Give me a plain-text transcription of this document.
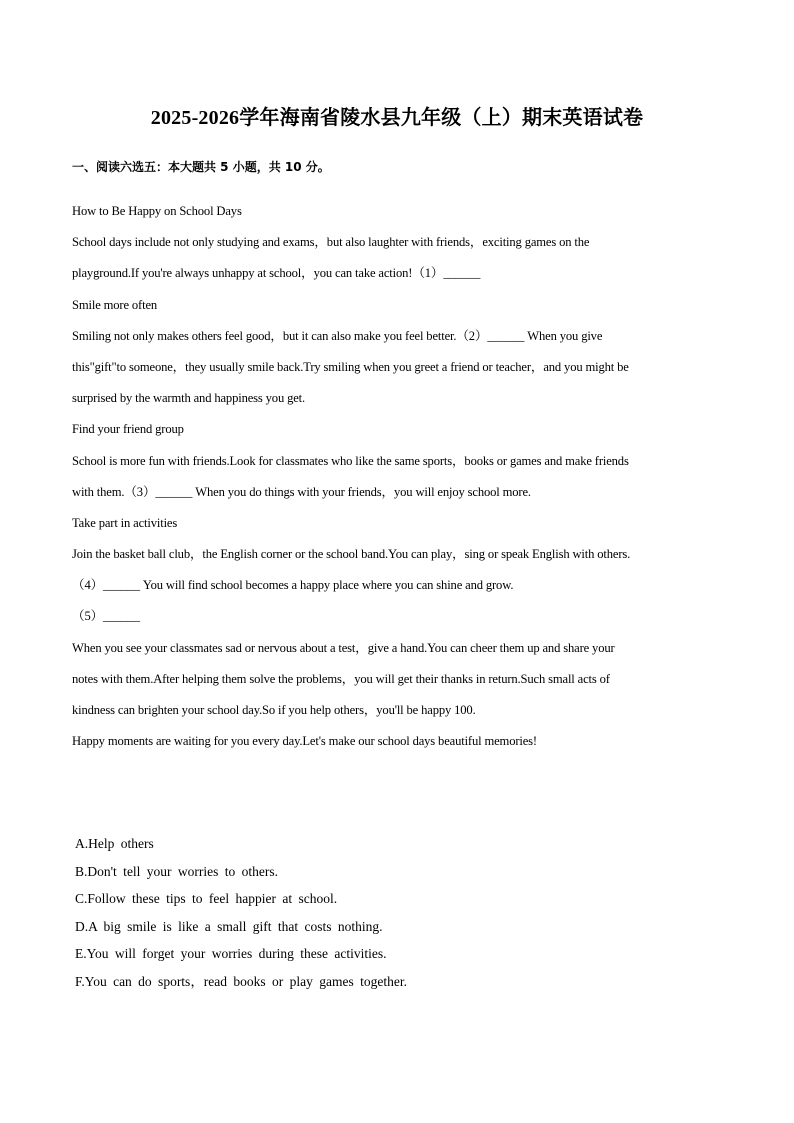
2025-2026学年海南省陵水县九年级（上）期末英语试卷
一、阅读六选五：本大题共 5 小题，共 10 分。
How to Be Happy on School Days
School days include not only studying and exams，but also laughter with friends，exciting games on the
playground.If you're always unhappy at school，you can take action!（1）______
Smile more often
Smiling not only makes others feel good，but it can also make you feel better.（2）______ When you give
this"gift"to someone，they usually smile back.Try smiling when you greet a friend or teacher，and you might be
surprised by the warmth and happiness you get.
Find your friend group
School is more fun with friends.Look for classmates who like the same sports，books or games and make friends
with them.（3）______ When you do things with your friends，you will enjoy school more.
Take part in activities
Join the basket ball club，the English corner or the school band.You can play，sing or speak English with others.
（4）______ You will find school becomes a happy place where you can shine and grow.
（5）______
When you see your classmates sad or nervous about a test，give a hand.You can cheer them up and share your
notes with them.After helping them solve the problems，you will get their thanks in return.Such small acts of
kindness can brighten your school day.So if you help others，you'll be happy 100.
Happy moments are waiting for you every day.Let's make our school days beautiful memories!
A.Help others
B.Don't tell your worries to others.
C.Follow these tips to feel happier at school.
D.A big smile is like a small gift that costs nothing.
E.You will forget your worries during these activities.
F.You can do sports，read books or play games together.
